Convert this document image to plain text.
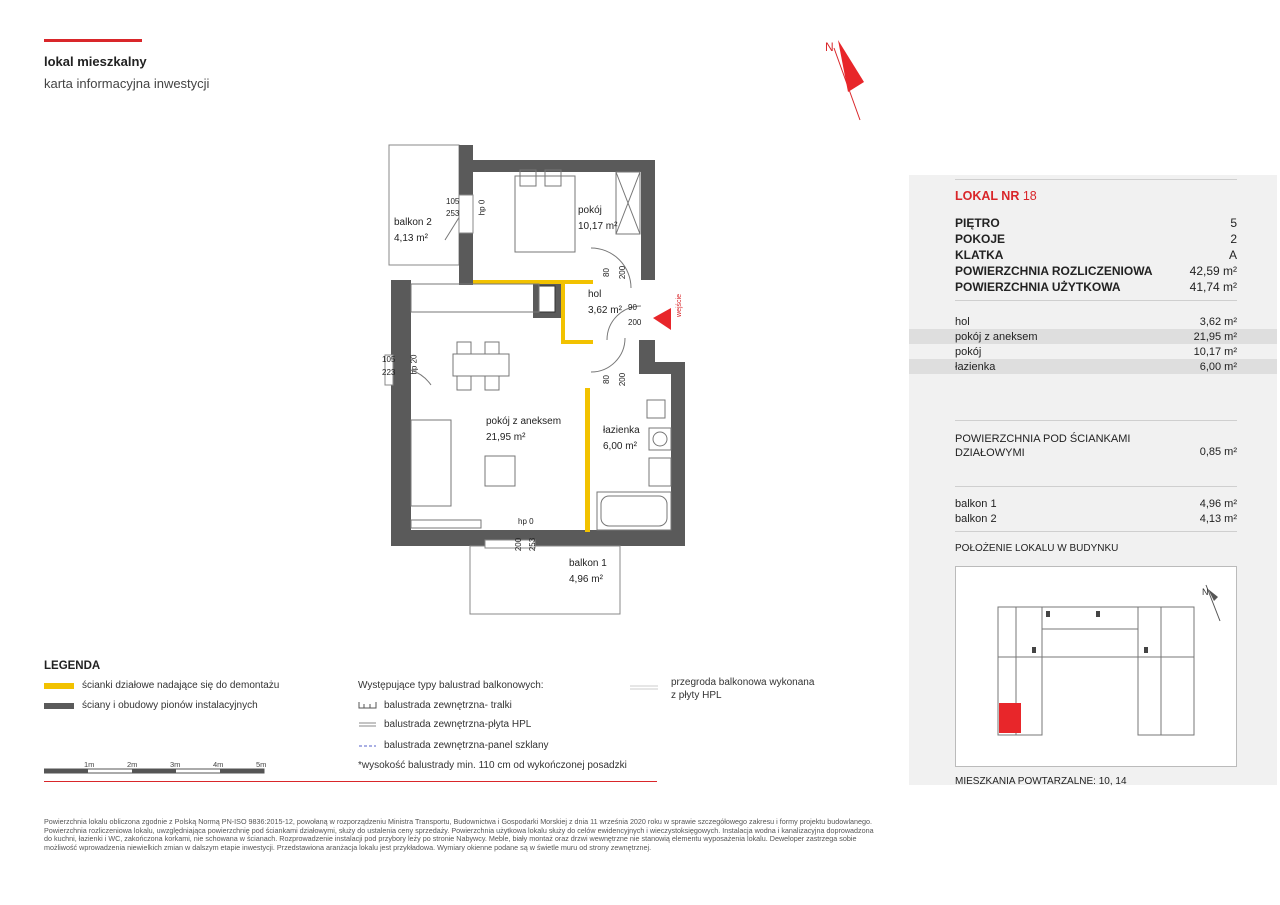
lokal mieszkalny
karta informacyjna inwestycji
N
balkon 2
4,13 m²
pokój
10,17 m²
hol
3,62 m²
pokój z aneksem
21,95 m²
łazienka
6,00 m²
balkon 1
4,96 m²
wejście
105
253 hp 0
80 200
90
200
105
223 hp 20
80 200
hp 0
200 253
LOKAL NR 18
PIĘTRO	5
POKOJE	2
KLATKA	A
POWIERZCHNIA ROZLICZENIOWA	42,59 m²
POWIERZCHNIA UŻYTKOWA	41,74 m²
hol	3,62 m²
pokój z aneksem	21,95 m²
pokój	10,17 m²
łazienka	6,00 m²
POWIERZCHNIA POD ŚCIANKAMI
DZIAŁOWYMI	0,85 m²
balkon 1	4,96 m²
balkon 2	4,13 m²
POŁOŻENIE LOKALU W BUDYNKU
N
MIESZKANIA POWTARZALNE: 10, 14
LEGENDA
ścianki działowe nadające się do demontażu
ściany i obudowy pionów instalacyjnych
1m	2m	3m	4m	5m
Występujące typy balustrad balkonowych:
balustrada zewnętrzna- tralki
balustrada zewnętrzna-płyta HPL
balustrada zewnętrzna-panel szklany
*wysokość balustrady min. 110 cm od wykończonej posadzki
przegroda balkonowa wykonana
z płyty HPL
Powierzchnia lokalu obliczona zgodnie z Polską Normą PN-ISO 9836:2015-12, powołaną w rozporządzeniu Ministra Transportu, Budownictwa i Gospodarki Morskiej z dnia 11 września 2020 roku w sprawie szczegółowego zakresu i formy projektu budowlanego. Powierzchnia rozliczeniowa lokalu, uwzględniająca powierzchnię pod ściankami działowymi, służy do ustalenia ceny sprzedaży. Powierzchnia użytkowa lokalu służy do celów ewidencyjnych i wieczystoksięgowych. Instalacja wodna i kanalizacyjna doprowadzona do kuchni, łazienki i WC, zakończona korkami, nie schowana w ścianach. Rozprowadzenie instalacji pod przybory leży po stronie Nabywcy. Meble, biały montaż oraz drzwi wewnętrzne nie stanowią elementu wyposażenia lokalu. Deweloper zastrzega sobie możliwość wprowadzenia niewielkich zmian w dalszym etapie inwestycji. Przedstawiona aranżacja lokalu jest przykładowa. Wymiary okienne podane są w świetle muru od strony zewnętrznej.
